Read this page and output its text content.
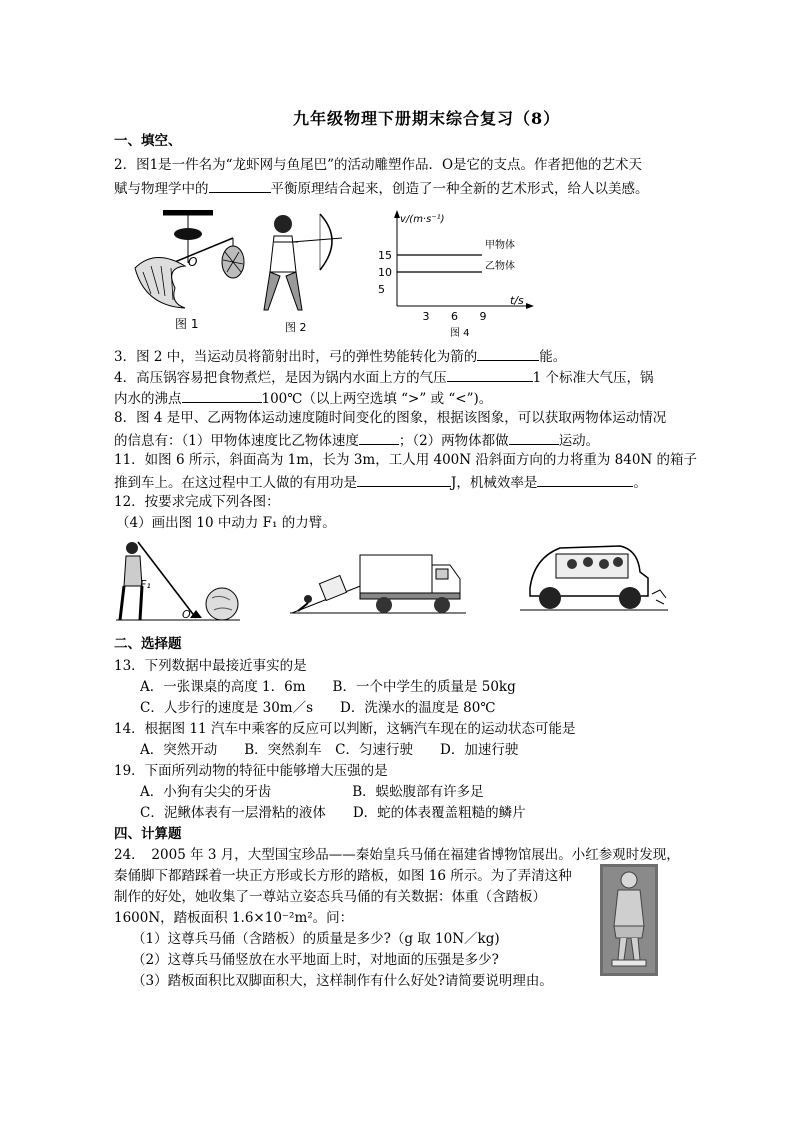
九年级物理下册期末综合复习（8）
一、填空、
2．图1是一件名为“龙虾网与鱼尾巴”的活动雕塑作品．O是它的支点。作者把他的艺术天
赋与物理学中的	平衡原理结合起来，创造了一种全新的艺术形式，给人以美感。
O
图 1	图 2
v/(m·s⁻¹)
t/s
5
10
15
3 6 9
甲物体
乙物体
图 4
3．图 2 中，当运动员将箭射出时，弓的弹性势能转化为箭的	能。
4．高压锅容易把食物煮烂，是因为锅内水面上方的气压	1 个标准大气压，锅
内水的沸点	100℃（以上两空选填 “>” 或 “<”)。
8．图 4 是甲、乙两物体运动速度随时间变化的图象，根据该图象，可以获取两物体运动情况
的信息有：（1）甲物体速度比乙物体速度	；（2）两物体都做	运动。
11．如图 6 所示，斜面高为 1m，长为 3m，工人用 400N 沿斜面方向的力将重为 840N 的箱子
推到车上。在这过程中工人做的有用功是	J，机械效率是	。
12．按要求完成下列各图：
（4）画出图 10 中动力 F₁ 的力臂。
F₁
O
二、选择题
13．下列数据中最接近事实的是
A．一张课桌的高度 1．6m　　B．一个中学生的质量是 50kg
C．人步行的速度是 30m／s　　D．洗澡水的温度是 80℃
14．根据图 11 汽车中乘客的反应可以判断，这辆汽车现在的运动状态可能是
A．突然开动　　B．突然刹车　C．匀速行驶　　D．加速行驶
19．下面所列动物的特征中能够增大压强的是
A．小狗有尖尖的牙齿　　　　　　B．蜈蚣腹部有许多足
C．泥鳅体表有一层滑粘的液体　　D．蛇的体表覆盖粗糙的鳞片
四、计算题
24．　2005 年 3 月，大型国宝珍品——秦始皇兵马俑在福建省博物馆展出。小红参观时发现，
秦俑脚下都踏踩着一块正方形或长方形的踏板，如图 16 所示。为了弄清这种
制作的好处，她收集了一尊站立姿态兵马俑的有关数据：体重（含踏板）
1600N，踏板面积 1.6×10⁻²m²。问：
（1）这尊兵马俑（含踏板）的质量是多少?（g 取 10N／kg)
（2）这尊兵马俑竖放在水平地面上时，对地面的压强是多少?
（3）踏板面积比双脚面积大，这样制作有什么好处?请简要说明理由。
